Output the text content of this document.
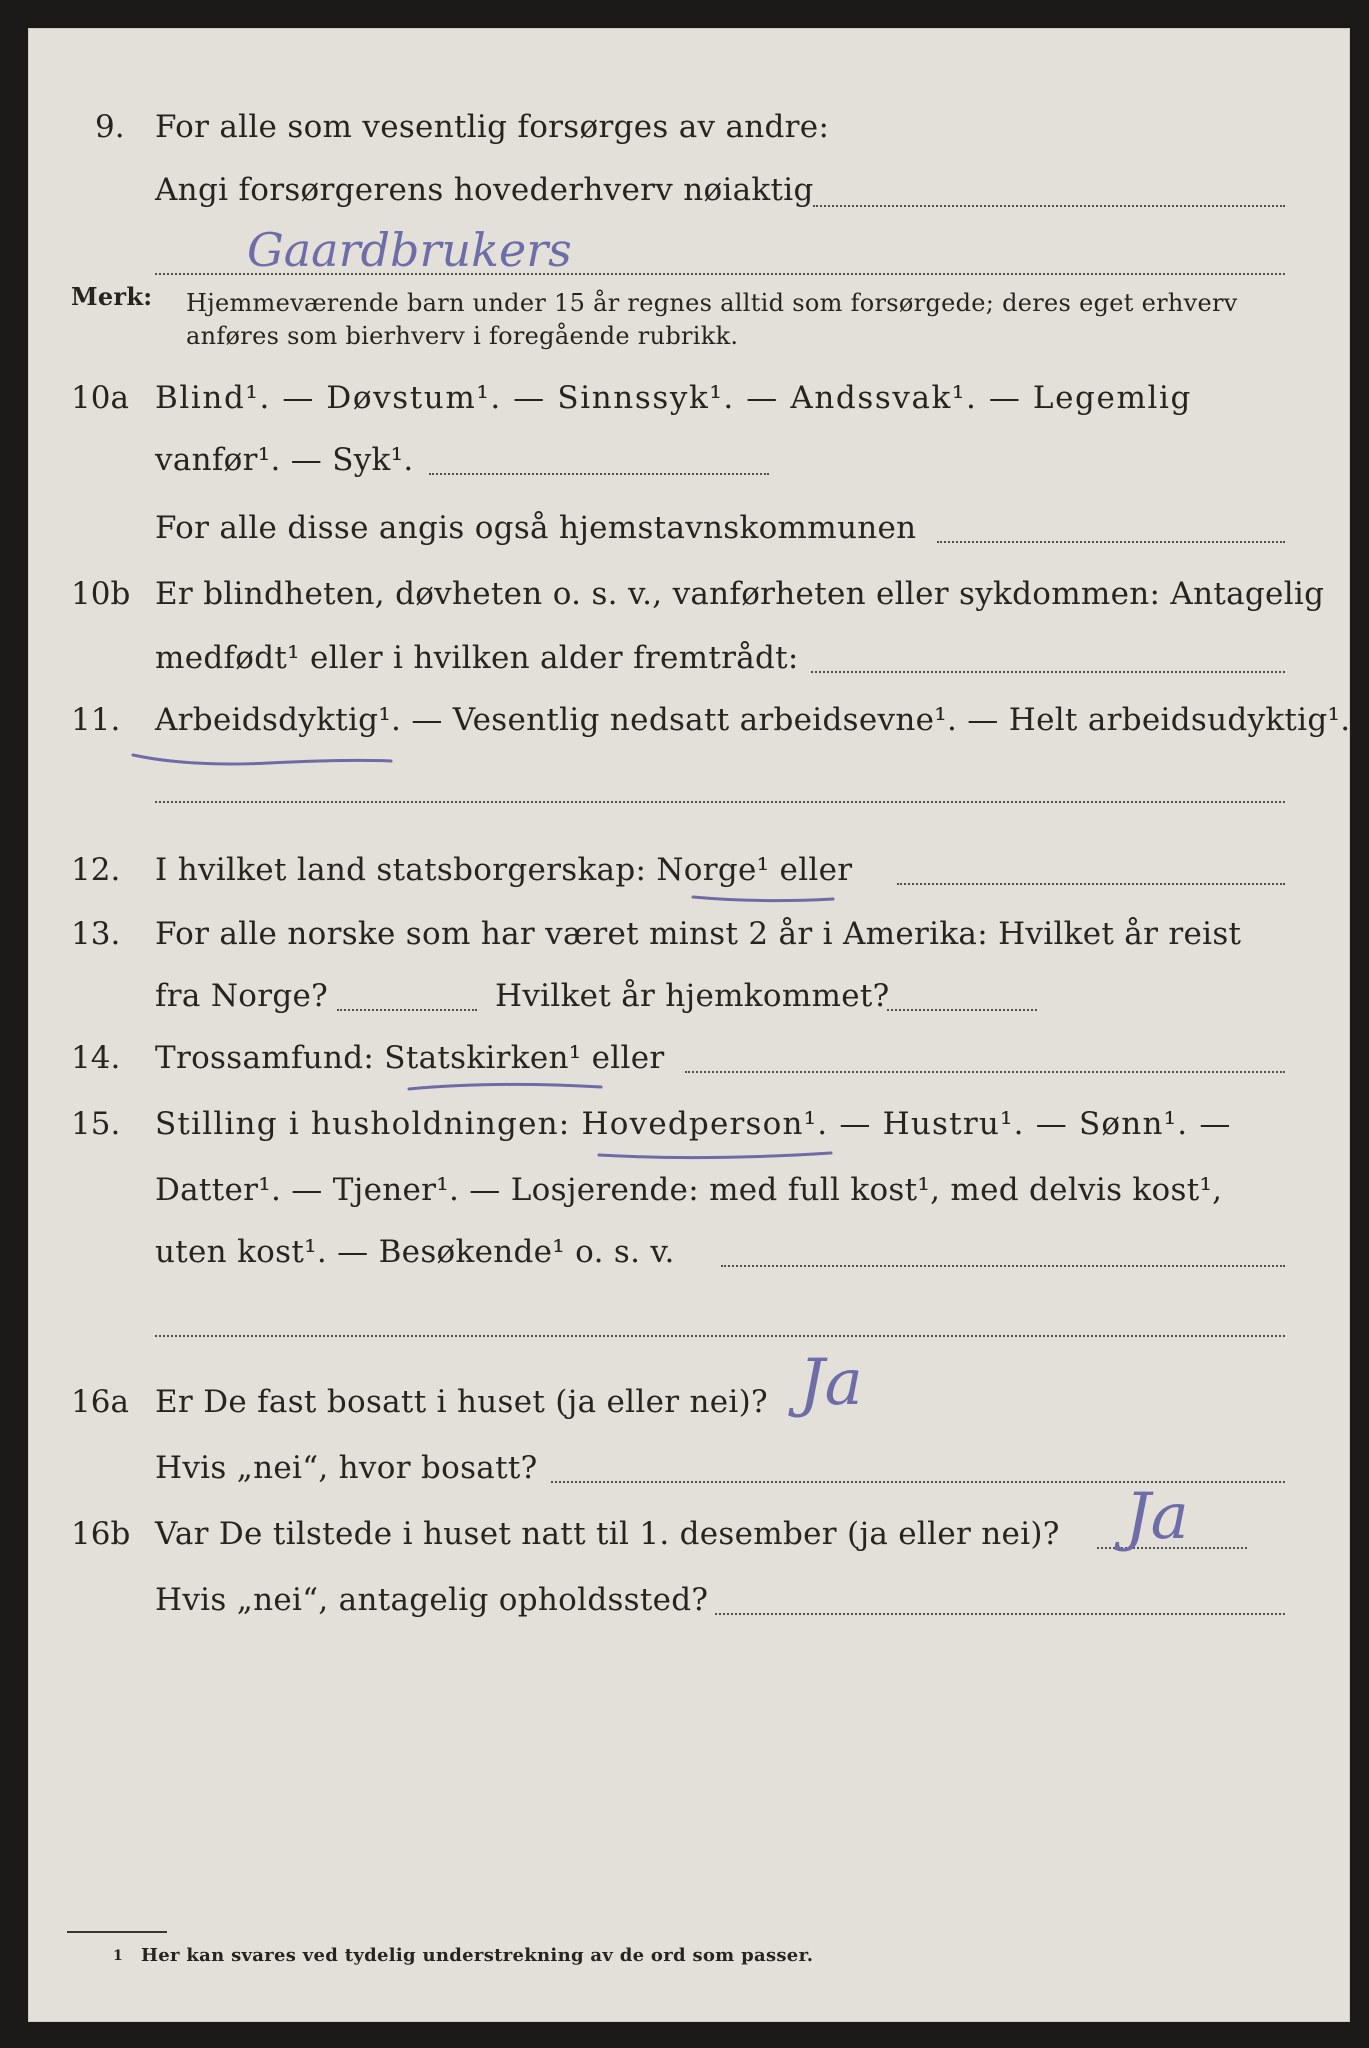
9. For alle som vesentlig forsørges av andre:
Angi forsørgerens hovederhverv nøiaktig
Gaardbrukers
Merk: Hjemmeværende barn under 15 år regnes alltid som forsørgede; deres eget erhverv
anføres som bierhverv i foregående rubrikk.
10a Blind¹. — Døvstum¹. — Sinnssyk¹. — Andssvak¹. — Legemlig
vanfør¹. — Syk¹.
For alle disse angis også hjemstavnskommunen
10b Er blindheten, døvheten o. s. v., vanførheten eller sykdommen: Antagelig
medfødt¹ eller i hvilken alder fremtrådt:
11. Arbeidsdyktig¹. — Vesentlig nedsatt arbeidsevne¹. — Helt arbeidsudyktig¹.
12. I hvilket land statsborgerskap: Norge¹ eller
13. For alle norske som har været minst 2 år i Amerika: Hvilket år reist
fra Norge?	Hvilket år hjemkommet?
14. Trossamfund: Statskirken¹ eller
15. Stilling i husholdningen: Hovedperson¹. — Hustru¹. — Sønn¹. —
Datter¹. — Tjener¹. — Losjerende: med full kost¹, med delvis kost¹,
uten kost¹. — Besøkende¹ o. s. v.
16a Er De fast bosatt i huset (ja eller nei)? Ja
Hvis „nei“, hvor bosatt?
16b Var De tilstede i huset natt til 1. desember (ja eller nei)? Ja
Hvis „nei“, antagelig opholdssted?
1 Her kan svares ved tydelig understrekning av de ord som passer.
